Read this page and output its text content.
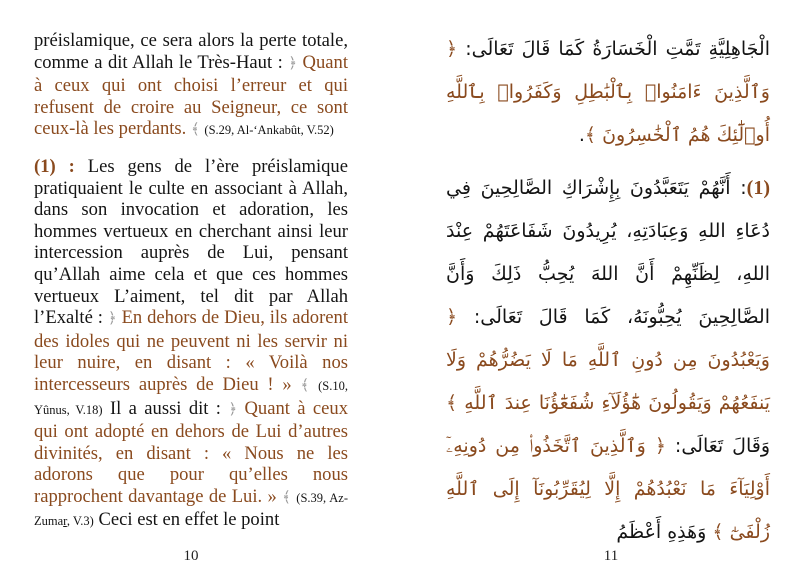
préislamique, ce sera alors la perte totale, comme a dit Allah le Très-Haut : ﴿ Quant à ceux qui ont choisi l’erreur et qui refusent de croire au Seigneur, ce sont ceux-là les perdants. ﴾ (S.29, Al-‘Ankabût, V.52)

(1) : Les gens de l’ère préislamique pratiquaient le culte en associant à Allah, dans son invocation et adoration, les hommes vertueux en cherchant ainsi leur intercession auprès de Lui, pensant qu’Allah aime cela et que ces hommes vertueux L’aiment, tel dit par Allah l’Exalté : ﴿ En dehors de Dieu, ils adorent des idoles qui ne peuvent ni les servir ni leur nuire, en disant : « Voilà nos intercesseurs auprès de Dieu ! » ﴾ (S.10, Yûnus, V.18) Il a aussi dit : ﴿ Quant à ceux qui ont adopté en dehors de Lui d’autres divinités, en disant : « Nous ne les adorons que pour qu’elles nous rapprochent davantage de Lui. » ﴾ (S.39, Az-Zumar, V.3) Ceci est en effet le point

10

الْجَاهِلِيَّةِ تَمَّتِ الْخَسَارَةُ كَمَا قَالَ تَعَالَى: ﴿ وَٱلَّذِينَ ءَامَنُوا۟ بِٱلْبَٰطِلِ وَكَفَرُوا۟ بِٱللَّهِ أُو۟لَٰٓئِكَ هُمُ ٱلْخَٰسِرُونَ ﴾.

(1): أَنَّهُمْ يَتَعَبَّدُونَ بِإِشْرَاكِ الصَّالِحِينَ فِي دُعَاءِ اللهِ وَعِبَادَتِهِ، يُرِيدُونَ شَفَاعَتَهُمْ عِنْدَ اللهِ، لِظَنِّهِمْ أَنَّ اللهَ يُحِبُّ ذَلِكَ وَأَنَّ الصَّالِحِينَ يُحِبُّونَهُ، كَمَا قَالَ تَعَالَى: ﴿ وَيَعْبُدُونَ مِن دُونِ ٱللَّهِ مَا لَا يَضُرُّهُمْ وَلَا يَنفَعُهُمْ وَيَقُولُونَ هَٰٓؤُلَآءِ شُفَعَٰٓؤُنَا عِندَ ٱللَّهِ ﴾ وَقَالَ تَعَالَى: ﴿ وَٱلَّذِينَ ٱتَّخَذُوا۟ مِن دُونِهِۦٓ أَوْلِيَآءَ مَا نَعْبُدُهُمْ إِلَّا لِيُقَرِّبُونَآ إِلَى ٱللَّهِ زُلْفَىٰٓ ﴾ وَهَذِهِ أَعْظَمُ

11
